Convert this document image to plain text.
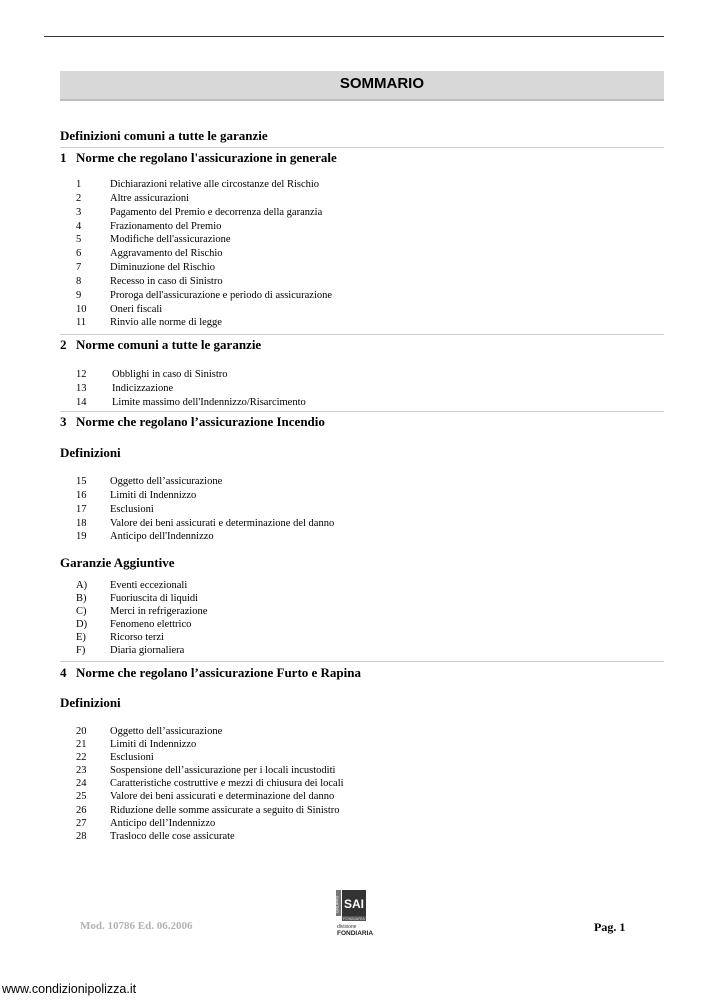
SOMMARIO
Definizioni comuni a tutte le garanzie
1 Norme che regolano l'assicurazione in generale
1	Dichiarazioni relative alle circostanze del Rischio
2	Altre assicurazioni
3	Pagamento del Premio e decorrenza della garanzia
4	Frazionamento del Premio
5	Modifiche dell'assicurazione
6	Aggravamento del Rischio
7	Diminuzione del Rischio
8	Recesso in caso di Sinistro
9	Proroga dell'assicurazione e periodo di assicurazione
10	Oneri fiscali
11	Rinvio alle norme di legge
2 Norme comuni a tutte le garanzie
12	Obblighi in caso di Sinistro
13	Indicizzazione
14	Limite massimo dell'Indennizzo/Risarcimento
3 Norme che regolano l’assicurazione Incendio
Definizioni
15	Oggetto dell’assicurazione
16	Limiti di Indennizzo
17	Esclusioni
18	Valore dei beni assicurati e determinazione del danno
19	Anticipo dell'Indennizzo
Garanzie Aggiuntive
A)	Eventi eccezionali
B)	Fuoriuscita di liquidi
C)	Merci in refrigerazione
D)	Fenomeno elettrico
E)	Ricorso terzi
F)	Diaria giornaliera
4 Norme che regolano l’assicurazione Furto e Rapina
Definizioni
20	Oggetto dell’assicurazione
21	Limiti di Indennizzo
22	Esclusioni
23	Sospensione dell’assicurazione per i locali incustoditi
24	Caratteristiche costruttive e mezzi di chiusura dei locali
25	Valore dei beni assicurati e determinazione del danno
26	Riduzione delle somme assicurate a seguito di Sinistro
27	Anticipo dell’Indennizzo
28	Trasloco delle cose assicurate
Mod. 10786 Ed. 06.2006
GRUPPO SAI
FONDIARIA
divisione
FONDIARIA	Pag. 1
www.condizionipolizza.it
